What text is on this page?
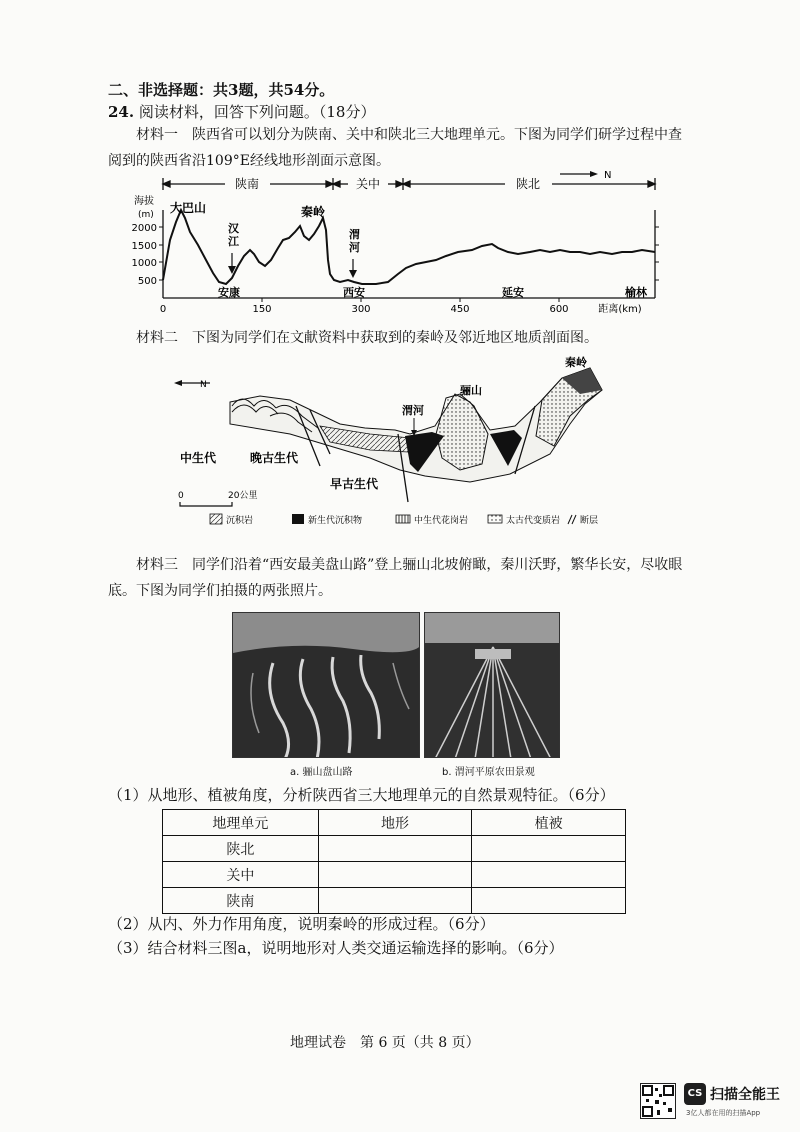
二、非选择题：共3题，共54分。
24. 阅读材料，回答下列问题。（18分）
材料一　陕西省可以划分为陕南、关中和陕北三大地理单元。下图为同学们研学过程中查阅到的陕西省沿109°E经线地形剖面示意图。
陕南	关中	陕北
N
海拔
(m)
2000
1500
1000
500
0	150	300	450	600	距离(km)
大巴山	秦岭
汉江
渭河
安康	西安	延安	榆林
材料二　下图为同学们在文献资料中获取到的秦岭及邻近地区地质剖面图。
N
秦岭
渭河
骊山
中生代	晚古生代
早古生代
0	20公里
沉积岩	新生代沉积物	中生代花岗岩	太古代变质岩 断层
材料三　同学们沿着“西安最美盘山路”登上骊山北坡俯瞰，秦川沃野，繁华长安，尽收眼底。下图为同学们拍摄的两张照片。
a. 骊山盘山路	b. 渭河平原农田景观
（1）从地形、植被角度，分析陕西省三大地理单元的自然景观特征。（6分）
地理单元	地形	植被
陕北		
关中		
陕南		
（2）从内、外力作用角度，说明秦岭的形成过程。（6分）
（3）结合材料三图a，说明地形对人类交通运输选择的影响。（6分）
地理试卷　第 6 页（共 8 页）
CS 扫描全能王
3亿人都在用的扫描App
